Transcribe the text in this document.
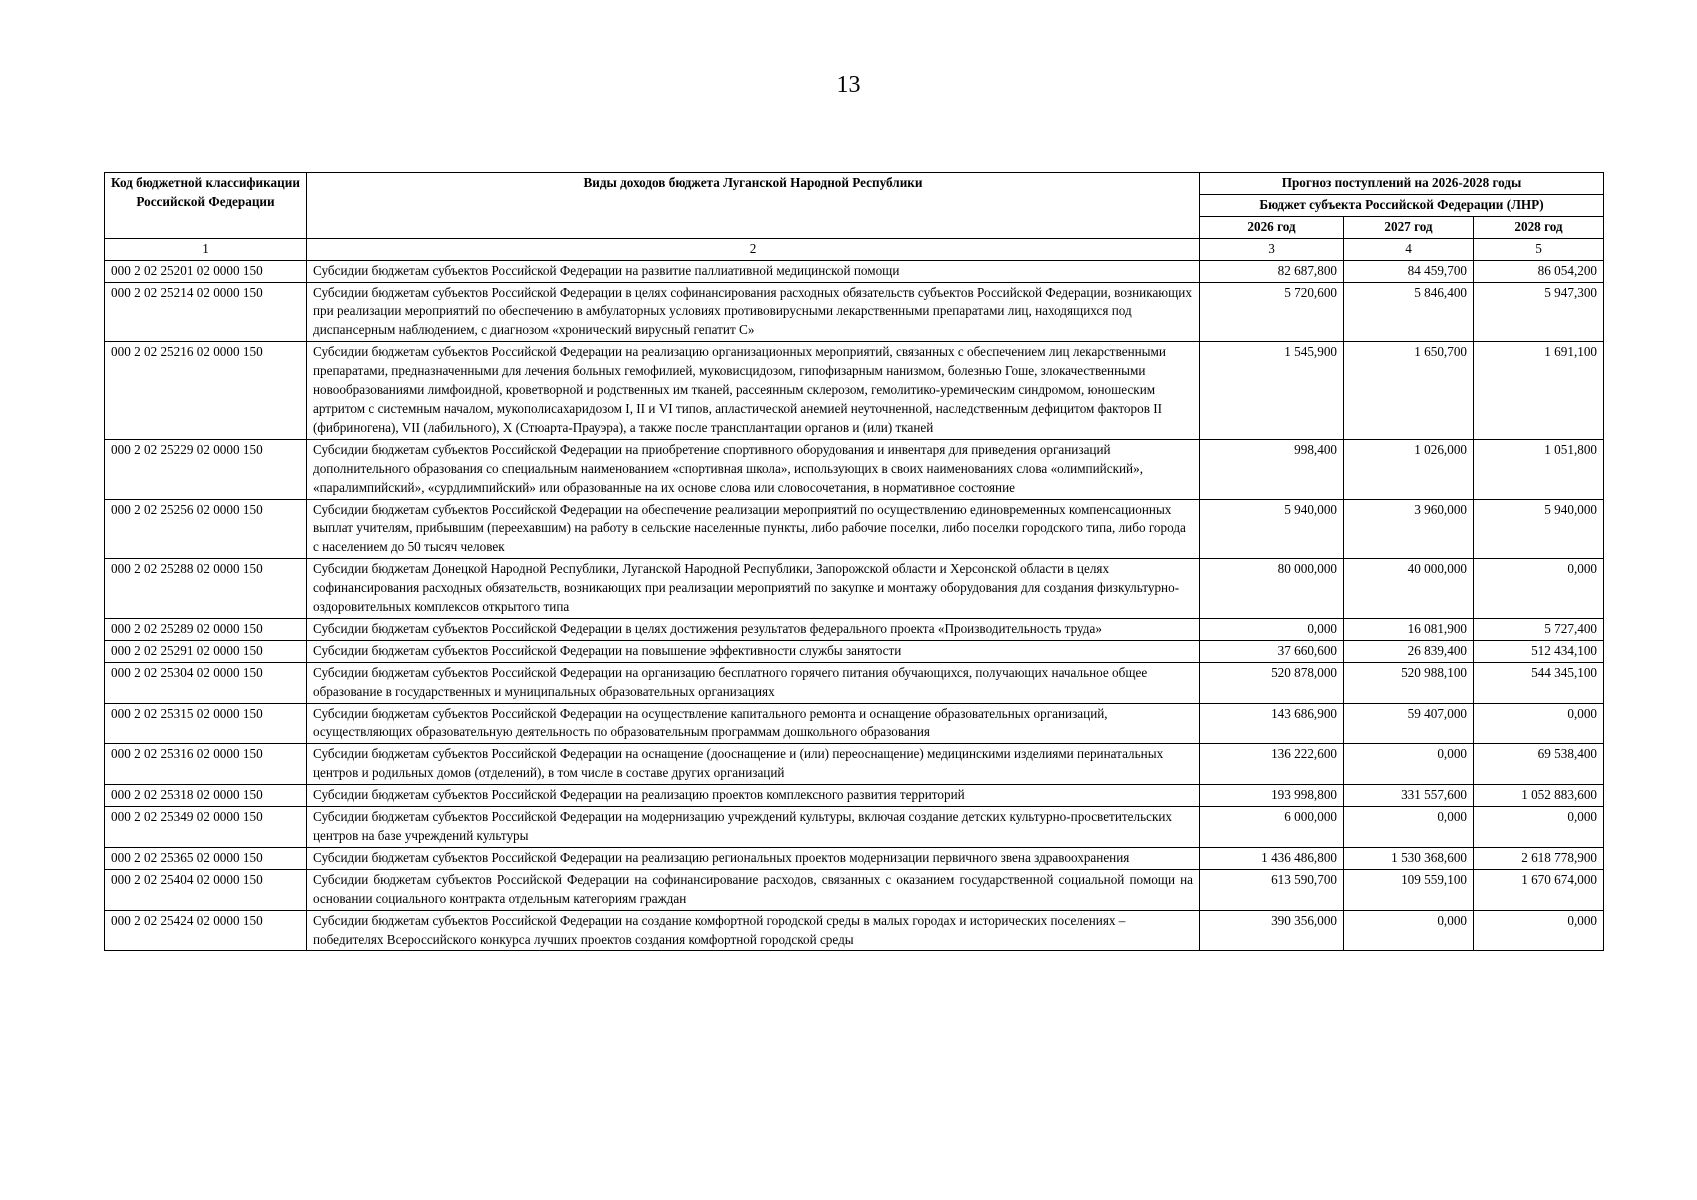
13
Код бюджетной классификации Российской Федерации	Виды доходов бюджета Луганской Народной Республики	Прогноз поступлений на 2026-2028 годы		
		Бюджет субъекта Российской Федерации (ЛНР)		
		2026 год	2027 год	2028 год
1	2	3	4	5
000 2 02 25201 02 0000 150	Субсидии бюджетам субъектов Российской Федерации на развитие паллиативной медицинской помощи	82 687,800	84 459,700	86 054,200
000 2 02 25214 02 0000 150	Субсидии бюджетам субъектов Российской Федерации в целях софинансирования расходных обязательств субъектов Российской Федерации, возникающих при реализации мероприятий по обеспечению в амбулаторных условиях противовирусными лекарственными препаратами лиц, находящихся под диспансерным наблюдением, с диагнозом «хронический вирусный гепатит С»	5 720,600	5 846,400	5 947,300
000 2 02 25216 02 0000 150	Субсидии бюджетам субъектов Российской Федерации на реализацию организационных мероприятий, связанных с обеспечением лиц лекарственными препаратами, предназначенными для лечения больных гемофилией, муковисцидозом, гипофизарным нанизмом, болезнью Гоше, злокачественными новообразованиями лимфоидной, кроветворной и родственных им тканей, рассеянным склерозом, гемолитико-уремическим синдромом, юношеским артритом с системным началом, мукополисахаридозом I, II и VI типов, апластической анемией неуточненной, наследственным дефицитом факторов II (фибриногена), VII (лабильного), X (Стюарта-Прауэра), а также после трансплантации органов и (или) тканей	1 545,900	1 650,700	1 691,100
000 2 02 25229 02 0000 150	Субсидии бюджетам субъектов Российской Федерации на приобретение спортивного оборудования и инвентаря для приведения организаций дополнительного образования со специальным наименованием «спортивная школа», использующих в своих наименованиях слова «олимпийский», «паралимпийский», «сурдлимпийский» или образованные на их основе слова или словосочетания, в нормативное состояние	998,400	1 026,000	1 051,800
000 2 02 25256 02 0000 150	Субсидии бюджетам субъектов Российской Федерации на обеспечение реализации мероприятий по осуществлению единовременных компенсационных выплат учителям, прибывшим (переехавшим) на работу в сельские населенные пункты, либо рабочие поселки, либо поселки городского типа, либо города с населением до 50 тысяч человек	5 940,000	3 960,000	5 940,000
000 2 02 25288 02 0000 150	Субсидии бюджетам Донецкой Народной Республики, Луганской Народной Республики, Запорожской области и Херсонской области в целях софинансирования расходных обязательств, возникающих при реализации мероприятий по закупке и монтажу оборудования для создания физкультурно-оздоровительных комплексов открытого типа	80 000,000	40 000,000	0,000
000 2 02 25289 02 0000 150	Субсидии бюджетам субъектов Российской Федерации в целях достижения результатов федерального проекта «Производительность труда»	0,000	16 081,900	5 727,400
000 2 02 25291 02 0000 150	Субсидии бюджетам субъектов Российской Федерации на повышение эффективности службы занятости	37 660,600	26 839,400	512 434,100
000 2 02 25304 02 0000 150	Субсидии бюджетам субъектов Российской Федерации на организацию бесплатного горячего питания обучающихся, получающих начальное общее образование в государственных и муниципальных образовательных организациях	520 878,000	520 988,100	544 345,100
000 2 02 25315 02 0000 150	Субсидии бюджетам субъектов Российской Федерации на осуществление капитального ремонта и оснащение образовательных организаций, осуществляющих образовательную деятельность по образовательным программам дошкольного образования	143 686,900	59 407,000	0,000
000 2 02 25316 02 0000 150	Субсидии бюджетам субъектов Российской Федерации на оснащение (дооснащение и (или) переоснащение) медицинскими изделиями перинатальных центров и родильных домов (отделений), в том числе в составе других организаций	136 222,600	0,000	69 538,400
000 2 02 25318 02 0000 150	Субсидии бюджетам субъектов Российской Федерации на реализацию проектов комплексного развития территорий	193 998,800	331 557,600	1 052 883,600
000 2 02 25349 02 0000 150	Субсидии бюджетам субъектов Российской Федерации на модернизацию учреждений культуры, включая создание детских культурно-просветительских центров на базе учреждений культуры	6 000,000	0,000	0,000
000 2 02 25365 02 0000 150	Субсидии бюджетам субъектов Российской Федерации на реализацию региональных проектов модернизации первичного звена здравоохранения	1 436 486,800	1 530 368,600	2 618 778,900
000 2 02 25404 02 0000 150	Субсидии бюджетам субъектов Российской Федерации на софинансирование расходов, связанных с оказанием государственной социальной помощи на основании социального контракта отдельным категориям граждан	613 590,700	109 559,100	1 670 674,000
000 2 02 25424 02 0000 150	Субсидии бюджетам субъектов Российской Федерации на создание комфортной городской среды в малых городах и исторических поселениях – победителях Всероссийского конкурса лучших проектов создания комфортной городской среды	390 356,000	0,000	0,000
